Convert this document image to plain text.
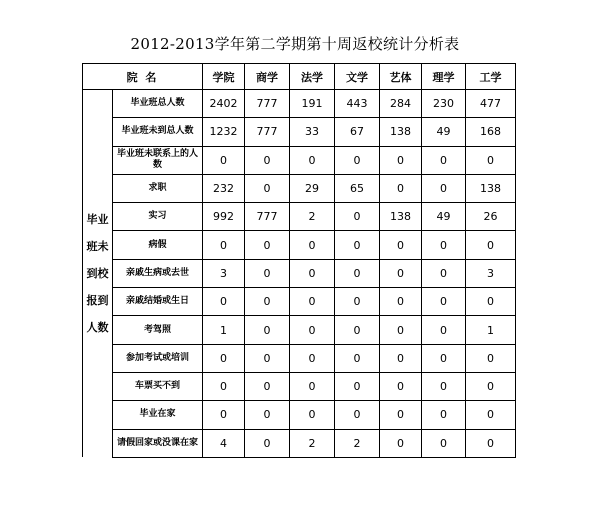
2012-2013学年第二学期第十周返校统计分析表
院 名		学院	商学	法学	文学	艺体	理学	工学

毕业
班未
到校
报到
人数	毕业班总人数	2402	777	191	443	284	230	477
	毕业班未到总人数	1232	777	33	67	138	49	168
	毕业班未联系上的人数	0	0	0	0	0	0	0
	求职	232	0	29	65	0	0	138
	实习	992	777	2	0	138	49	26
	病假	0	0	0	0	0	0	0
	亲戚生病或去世	3	0	0	0	0	0	3
	亲戚结婚或生日	0	0	0	0	0	0	0
	考驾照	1	0	0	0	0	0	1
	参加考试或培训	0	0	0	0	0	0	0
	车票买不到	0	0	0	0	0	0	0
	毕业在家	0	0	0	0	0	0	0
	请假回家或没课在家	4	0	2	2	0	0	0
